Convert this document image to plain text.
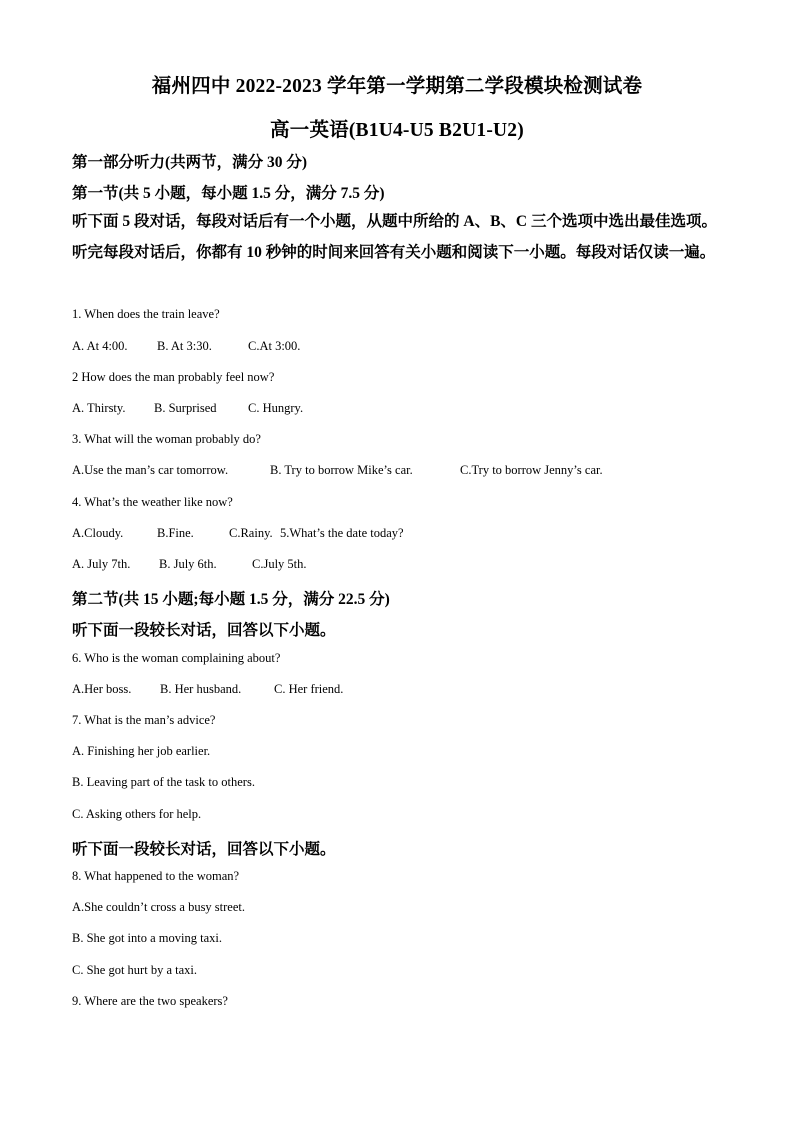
福州四中 2022-2023 学年第一学期第二学段模块检测试卷
高一英语(B1U4-U5 B2U1-U2)
第一部分听力(共两节，满分 30 分)
第一节(共 5 小题，每小题 1.5 分，满分 7.5 分)
听下面 5 段对话，每段对话后有一个小题，从题中所给的 A、B、C 三个选项中选出最佳选项。听完每段对话后，你都有 10 秒钟的时间来回答有关小题和阅读下一小题。每段对话仅读一遍。
1. When does the train leave?
A. At 4:00. B. At 3:30.	C.At 3:00.
2 How does the man probably feel now?
A. Thirsty. B. Surprised	C. Hungry.
3. What will the woman probably do?
A.Use the man’s car tomorrow.	B. Try to borrow Mike’s car.	C.Try to borrow Jenny’s car.
4. What’s the weather like now?
A.Cloudy.	B.Fine.	C.Rainy. 5.What’s the date today?
A. July 7th. B. July 6th.	C.July 5th.
第二节(共 15 小题;每小题 1.5 分，满分 22.5 分)
听下面一段较长对话，回答以下小题。
6. Who is the woman complaining about?
A.Her boss. B. Her husband.	C. Her friend.
7. What is the man’s advice?
A. Finishing her job earlier.
B. Leaving part of the task to others.
C. Asking others for help.
听下面一段较长对话，回答以下小题。
8. What happened to the woman?
A.She couldn’t cross a busy street.
B. She got into a moving taxi.
C. She got hurt by a taxi.
9. Where are the two speakers?
